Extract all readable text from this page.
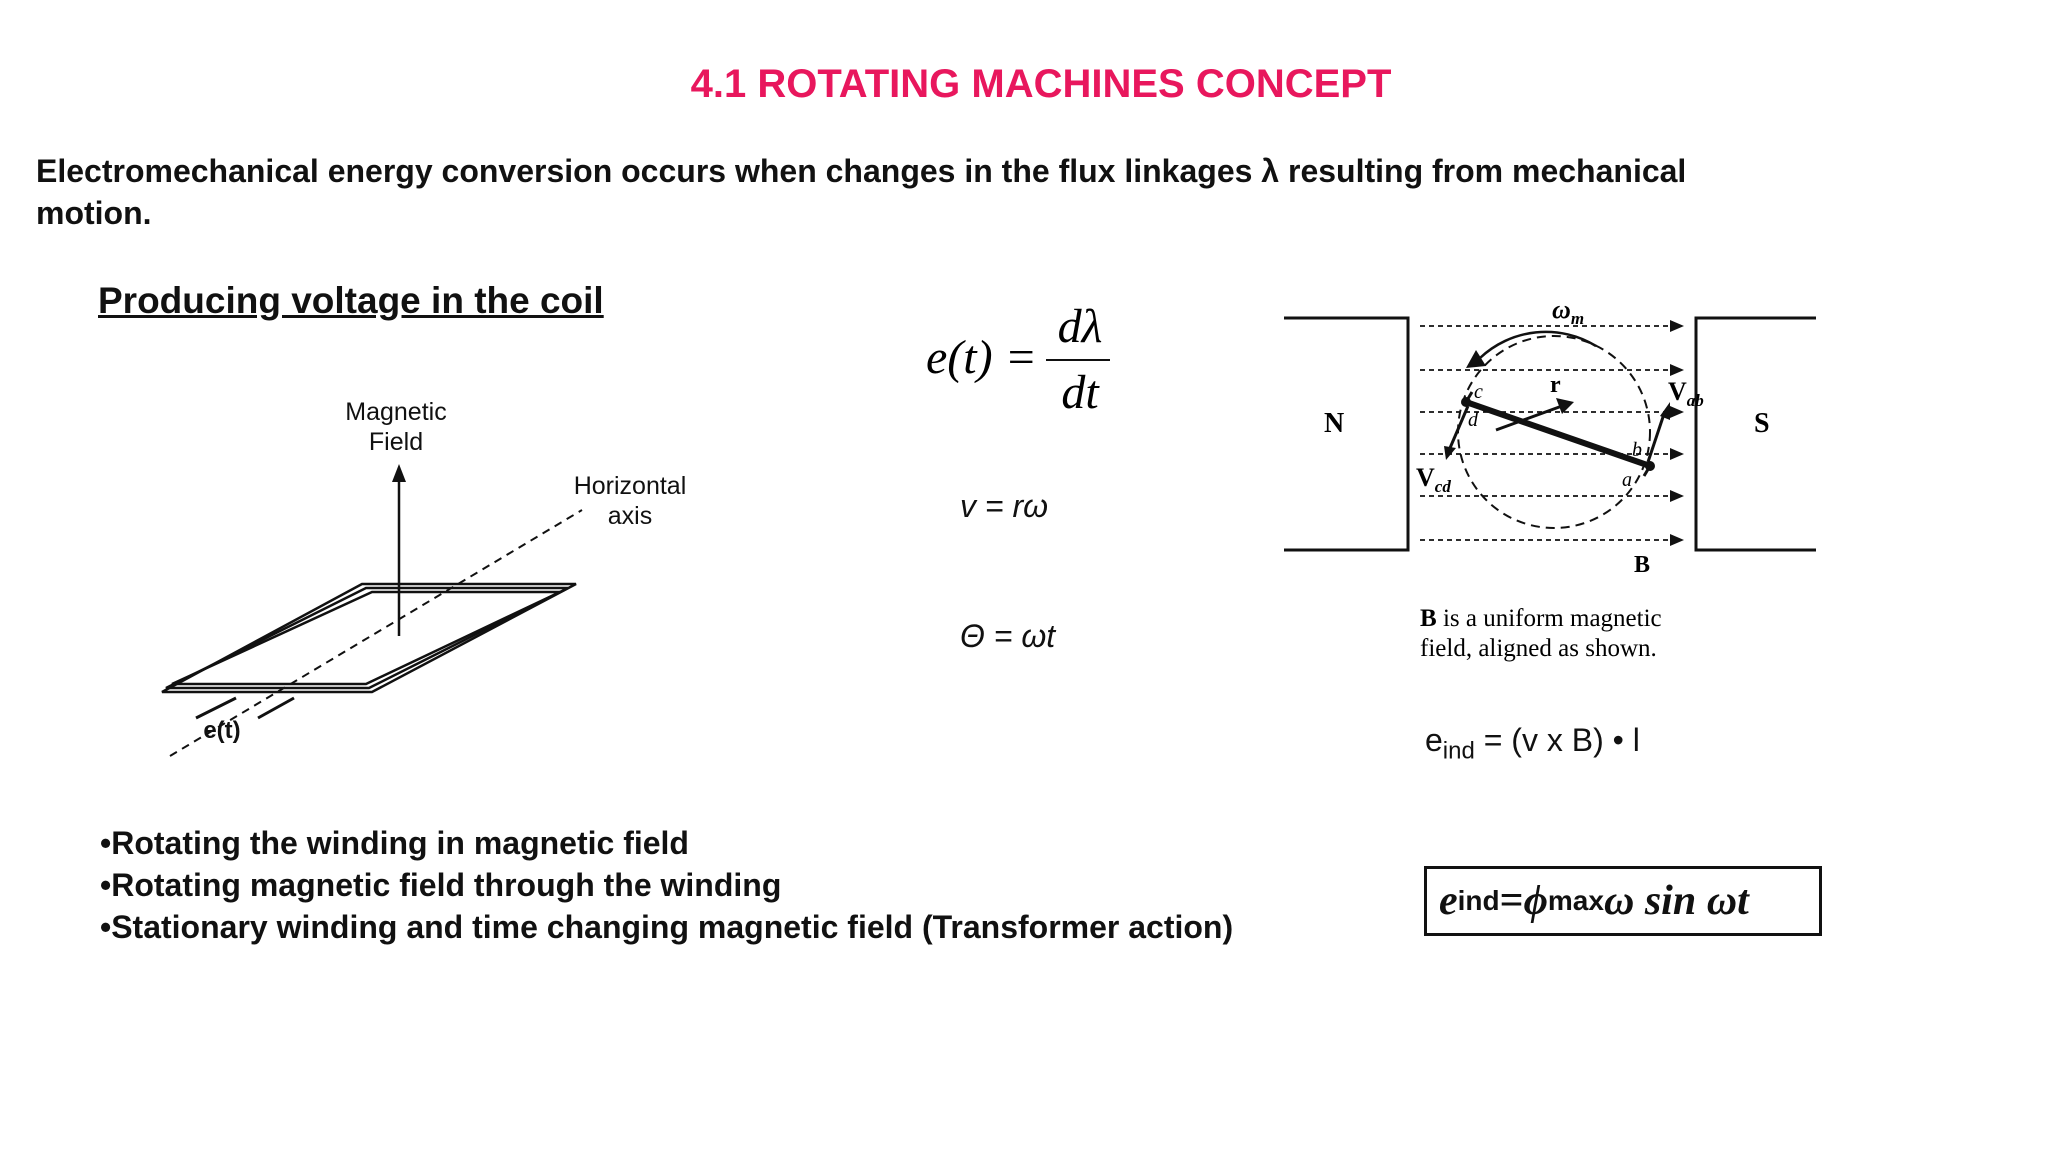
4.1 ROTATING MACHINES CONCEPT
Electromechanical energy conversion occurs when changes in the flux linkages λ resulting from mechanical motion.
Producing voltage in the coil
Magnetic
Field
Horizontal
axis
e(t)
e(t) =
dλ
dt
v = rω
Θ = ωt
N	S
$\omega_m$
r
c
d
b
a
$V_{ab}$
$V_{cd}$
B
B is a uniform magnetic
field, aligned as shown.
$e_{ind} = (v$ x B) • l
•Rotating the winding in magnetic field
•Rotating magnetic field through the winding
•Stationary winding and time changing magnetic field (Transformer action)
e ind = ϕ max ω sin ωt
